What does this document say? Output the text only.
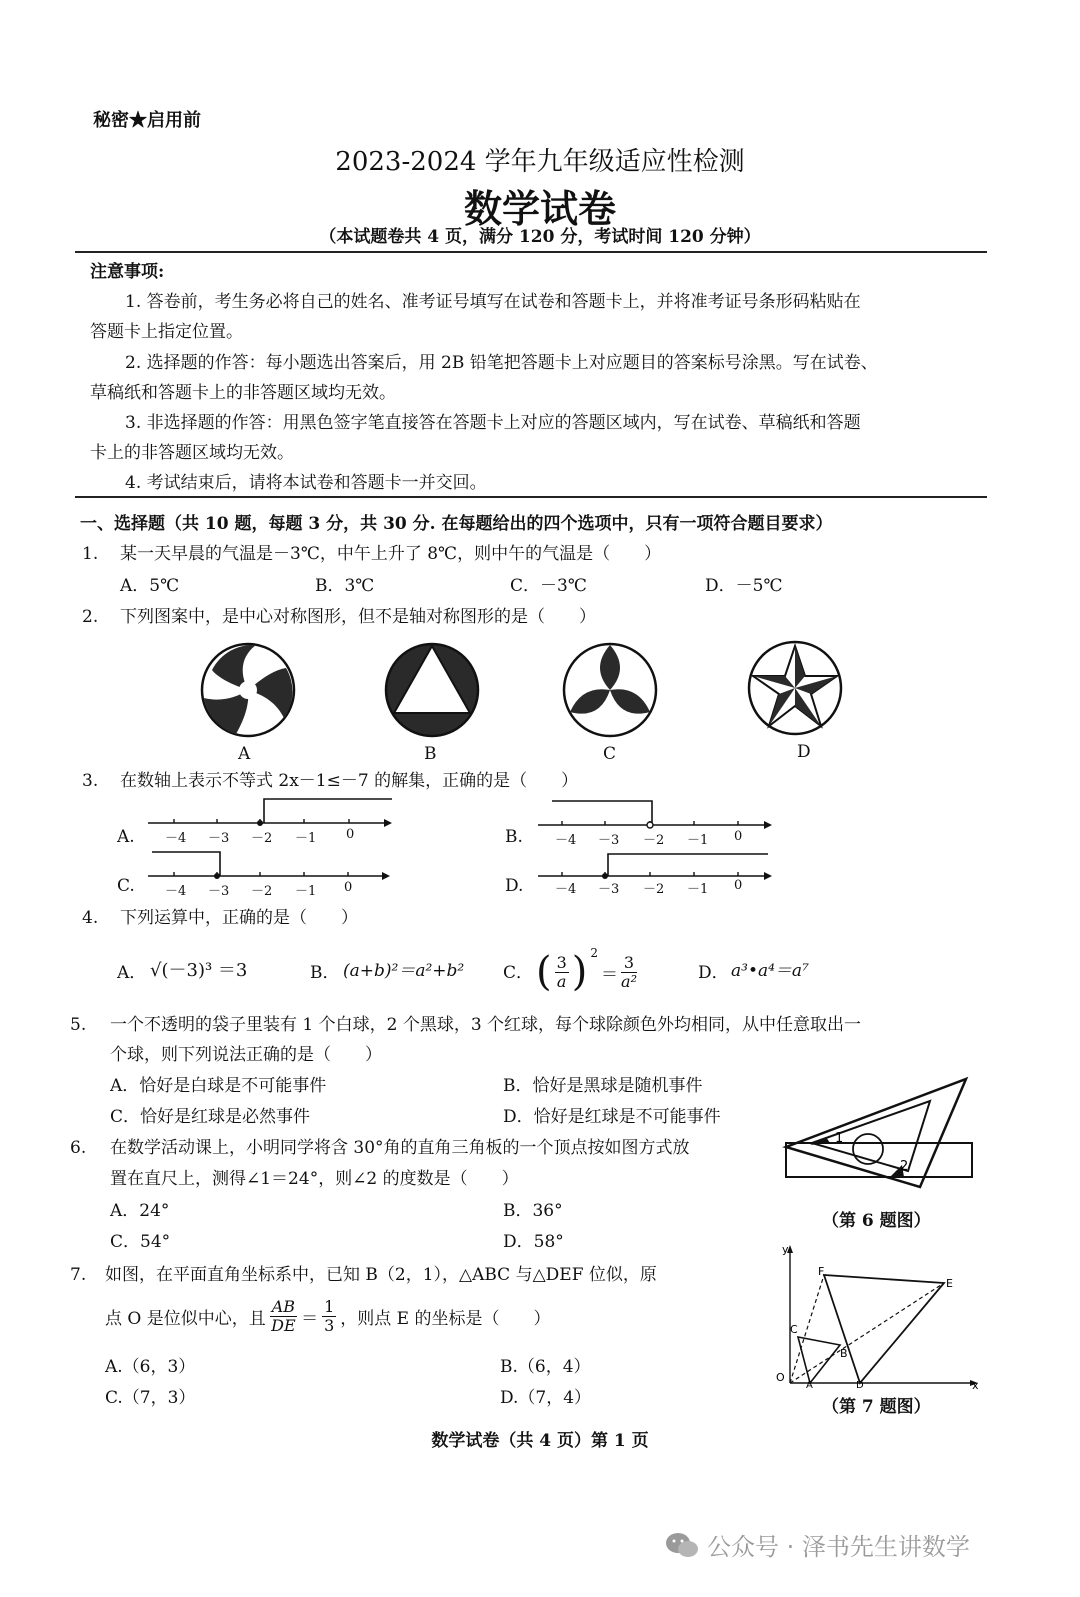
秘密★启用前
2023-2024 学年九年级适应性检测
数学试卷
（本试题卷共 4 页，满分 120 分，考试时间 120 分钟）
注意事项:
1. 答卷前，考生务必将自己的姓名、准考证号填写在试卷和答题卡上，并将准考证号条形码粘贴在
答题卡上指定位置。
2. 选择题的作答：每小题选出答案后，用 2B 铅笔把答题卡上对应题目的答案标号涂黑。写在试卷、
草稿纸和答题卡上的非答题区域均无效。
3. 非选择题的作答：用黑色签字笔直接答在答题卡上对应的答题区域内，写在试卷、草稿纸和答题
卡上的非答题区域均无效。
4. 考试结束后，请将本试卷和答题卡一并交回。
一、选择题（共 10 题，每题 3 分，共 30 分. 在每题给出的四个选项中，只有一项符合题目要求）
1. 某一天早晨的气温是－3℃，中午上升了 8℃，则中午的气温是（　　）
A．5℃	B．3℃	C．－3℃	D．－5℃
2. 下列图案中，是中心对称图形，但不是轴对称图形的是（　　）
A	B	C	D
3. 在数轴上表示不等式 2x－1≤－7 的解集，正确的是（　　）
A. －4 －3 －2 －1 0	B. －4 －3 －2 －1 0
C. －4 －3 －2 －1 0	D. －4 －3 －2 －1 0
4. 下列运算中，正确的是（　　）
A． √(－3)³ ＝3	B． (a+b)²＝a²+b² C． ( $\frac{3}{a}$ ) $^2$
＝ $\frac{3}{\text{a²}}$	D． a³•a⁴＝a⁷
5. 一个不透明的袋子里装有 1 个白球，2 个黑球，3 个红球，每个球除颜色外均相同，从中任意取出一
个球，则下列说法正确的是（　　）
A．恰好是白球是不可能事件	B．恰好是黑球是随机事件
C．恰好是红球是必然事件	D．恰好是红球是不可能事件
6. 在数学活动课上，小明同学将含 30°角的直角三角板的一个顶点按如图方式放
置在直尺上，测得∠1＝24°，则∠2 的度数是（　　）
A．24°	B．36°
C．54°	D．58°
1
2
（第 6 题图）
7. 如图，在平面直角坐标系中，已知 B（2，1），△ABC 与△DEF 位似，原
点 O 是位似中心，且 $\frac{AB}{DE} = \frac{1}{3}$ ，则点 E 的坐标是（　　）
A.（6，3）	B.（6，4）
C.（7，3）	D.（7，4）
F
E
C
B
O
A	D	x
y
（第 7 题图）
数学试卷（共 4 页）第 1 页
公众号 · 泽书先生讲数学
